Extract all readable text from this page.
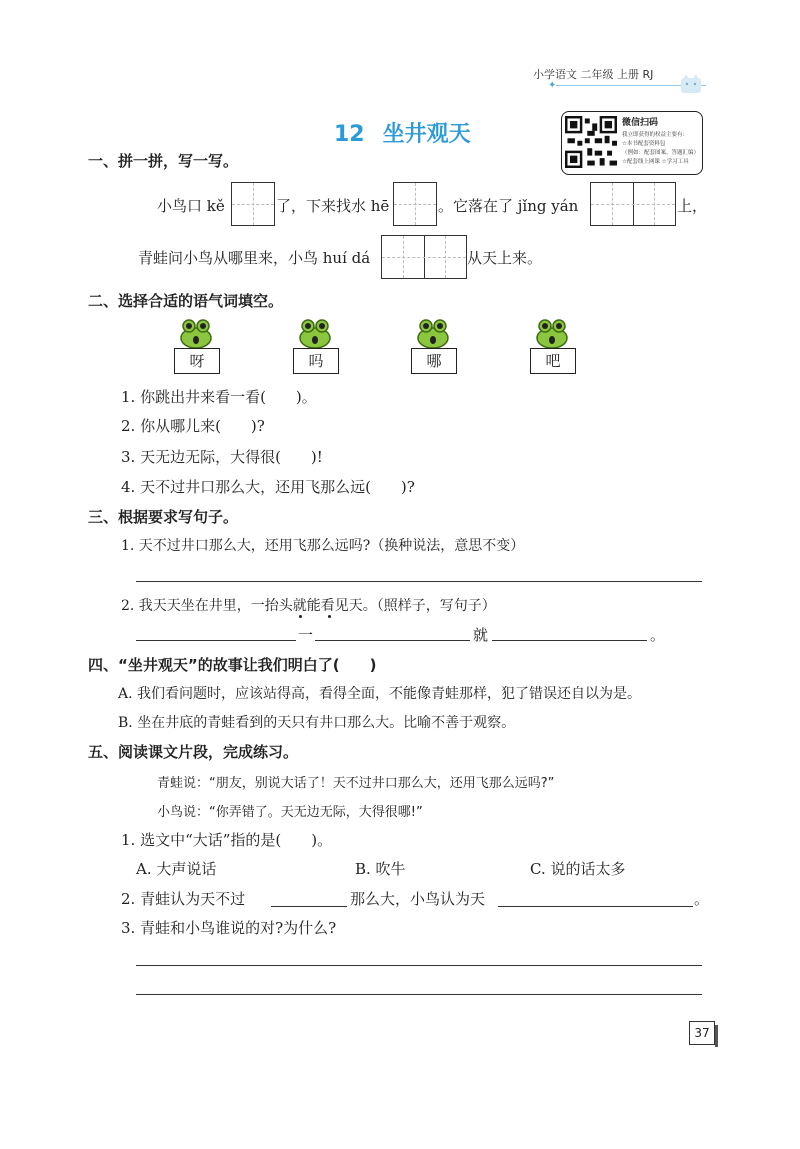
小学语文 二年级 上册 RJ
✦
12 坐井观天	微信扫码
我立即获得的权益主要有：
☆本书配套资料包
（例如：配套图案、答题汇编）
☆配套线上网课 ☆学习工具
一、拼一拼，写一写。
小鸟口 kě	了，下来找水 hē	。它落在了 jǐng yán	上，
青蛙问小鸟从哪里来，小鸟 huí dá	从天上来。
二、选择合适的语气词填空。
呀	吗	哪	吧
1. 你跳出井来看一看(　　)。
2. 你从哪儿来(　　)?
3. 天无边无际，大得很(　　)!
4. 天不过井口那么大，还用飞那么远(　　)?
三、根据要求写句子。
1. 天不过井口那么大，还用飞那么远吗?（换种说法，意思不变）
2. 我天天坐在井里，一抬头就能看见天。（照样子，写句子）
一	就	。
四、“坐井观天”的故事让我们明白了(　　)
A. 我们看问题时，应该站得高，看得全面，不能像青蛙那样，犯了错误还自以为是。
B. 坐在井底的青蛙看到的天只有井口那么大。比喻不善于观察。
五、阅读课文片段，完成练习。
青蛙说：“朋友，别说大话了！天不过井口那么大，还用飞那么远吗?”
小鸟说：“你弄错了。天无边无际，大得很哪!”
1. 选文中“大话”指的是(　　)。
A. 大声说话	B. 吹牛	C. 说的话太多
2. 青蛙认为天不过	那么大，小鸟认为天	。
3. 青蛙和小鸟谁说的对?为什么?
37
